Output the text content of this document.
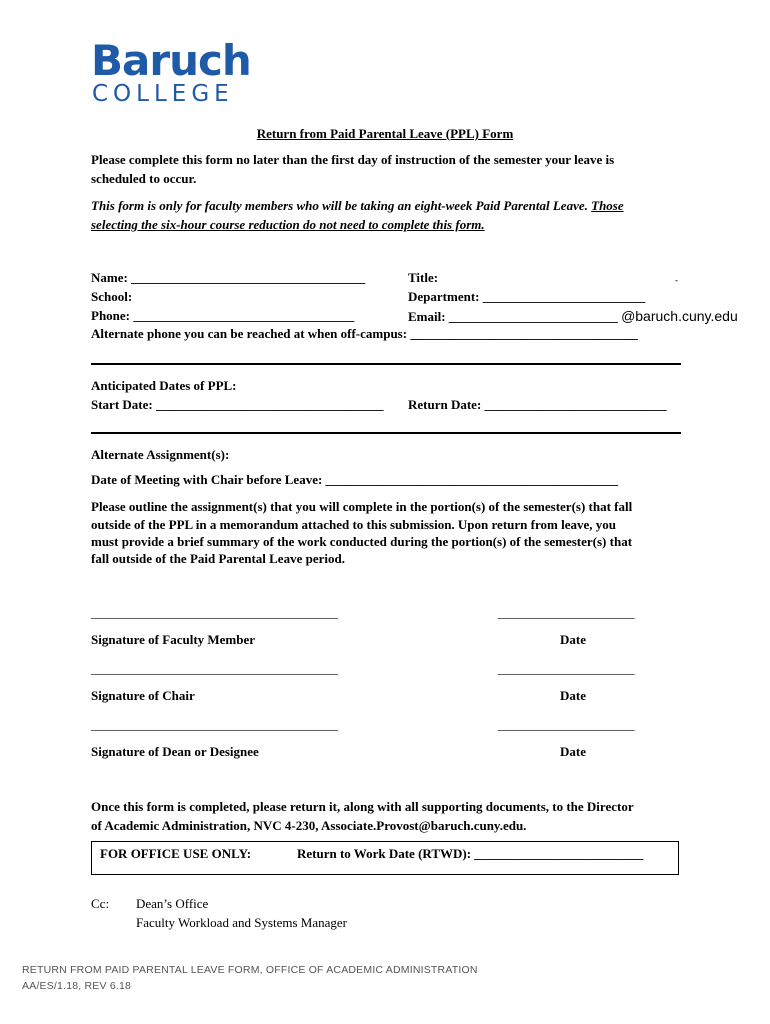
Baruch
COLLEGE
Return from Paid Parental Leave (PPL) Form
Please complete this form no later than the first day of instruction of the semester your leave is
scheduled to occur.
This form is only for faculty members who will be taking an eight-week Paid Parental Leave. Those
selecting the six-hour course reduction do not need to complete this form.
Name: ____________________________________	Title:	-
School:	Department: _________________________
Phone: __________________________________	Email: __________________________ @baruch.cuny.edu
Alternate phone you can be reached at when off-campus: ___________________________________
Anticipated Dates of PPL:
Start Date: ___________________________________ Return Date: ____________________________
Alternate Assignment(s):
Date of Meeting with Chair before Leave: _____________________________________________
Please outline the assignment(s) that you will complete in the portion(s) of the semester(s) that fall
outside of the PPL in a memorandum attached to this submission. Upon return from leave, you
must provide a brief summary of the work conducted during the portion(s) of the semester(s) that
fall outside of the Paid Parental Leave period.
______________________________________	_____________________
Signature of Faculty Member	Date
______________________________________	_____________________
Signature of Chair	Date
______________________________________	_____________________
Signature of Dean or Designee	Date
Once this form is completed, please return it, along with all supporting documents, to the Director
of Academic Administration, NVC 4-230, Associate.Provost@baruch.cuny.edu.
FOR OFFICE USE ONLY:	Return to Work Date (RTWD): __________________________
Cc: Dean’s Office
Faculty Workload and Systems Manager
RETURN FROM PAID PARENTAL LEAVE FORM, OFFICE OF ACADEMIC ADMINISTRATION
AA/ES/1.18, REV 6.18
